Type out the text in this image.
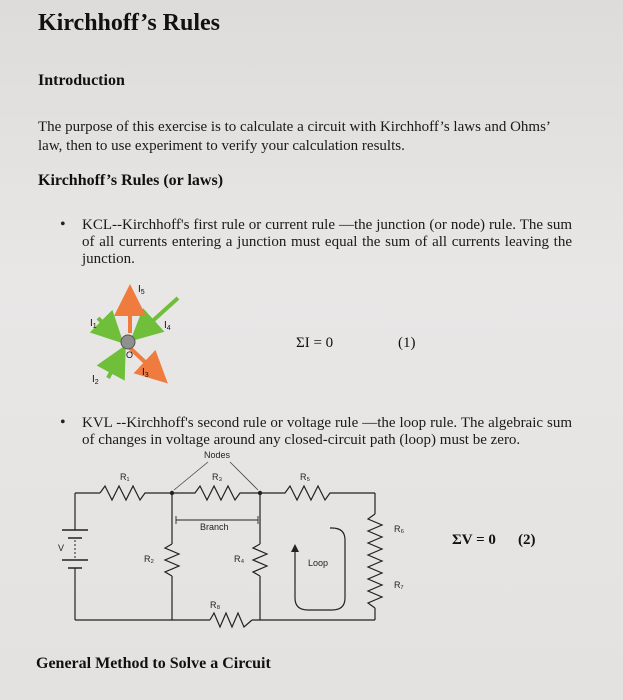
Kirchhoff’s Rules
Introduction
The purpose of this exercise is to calculate a circuit with Kirchhoff’s laws and Ohms’ law, then to use experiment to verify your calculation results.
Kirchhoff’s Rules (or laws)
• KCL--Kirchhoff's first rule or current rule —the junction (or node) rule. The sum of all currents entering a junction must equal the sum of all currents leaving the junction.
O
$I_1$
$I_2$
$I_3$
$I_4$
$I_5$
ΣI = 0	(1)
• KVL --Kirchhoff's second rule or voltage rule —the loop rule. The algebraic sum of changes in voltage around any closed-circuit path (loop) must be zero.
Nodes
Branch
Loop
V
R₁	R₃	R₅
R₂	R₄
R₈
R₆
R₇
ΣV = 0 (2)
General Method to Solve a Circuit
